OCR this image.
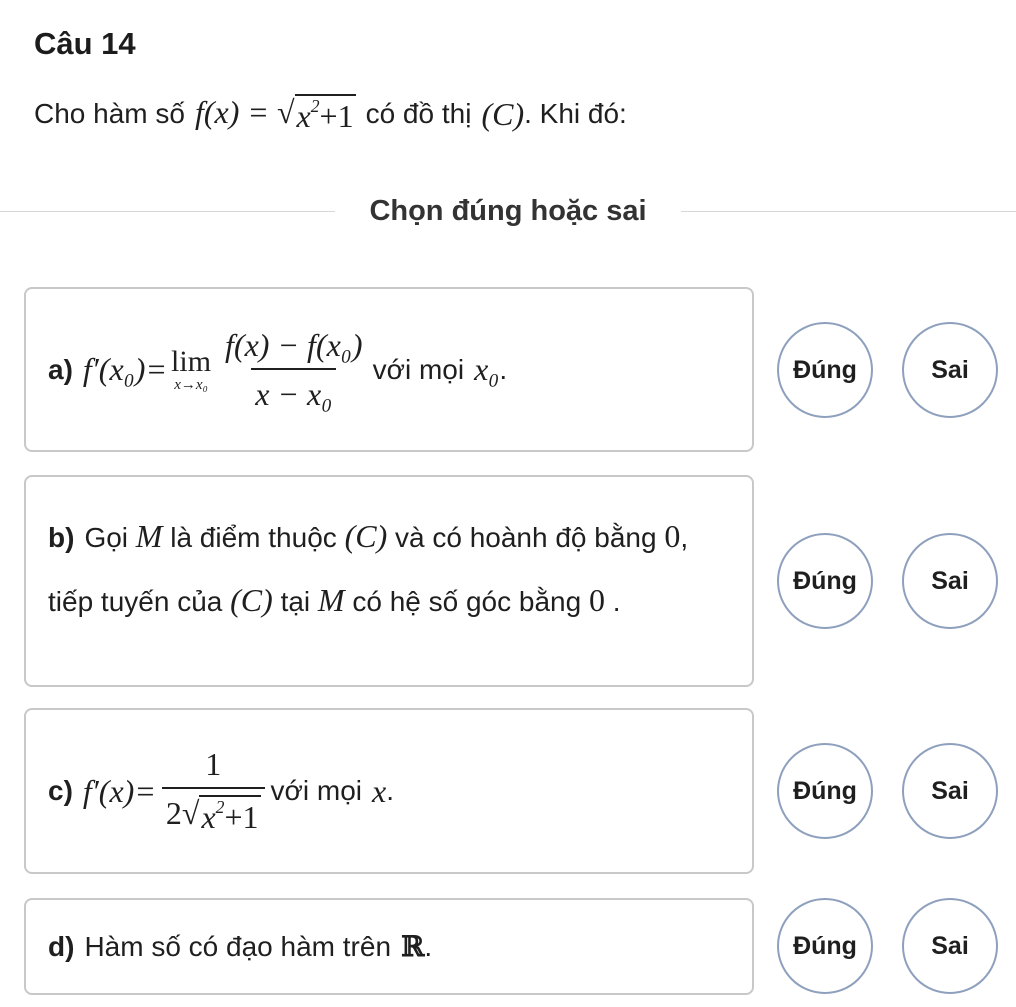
Câu 14
Cho hàm số f(x) = √ $x^2+1$ có đồ thị (C) . Khi đó:
Chọn đúng hoặc sai
a) f′(x₀)= lim
$x\to x_0 \frac{\text{f(x) − f(x₀)}}{\text{x − x₀}}$ với mọi x₀ .	Đúng	Sai
b) Gọi M là điểm thuộc (C) và có hoành độ bằng 0, tiếp tuyến của (C) tại M có hệ số góc bằng 0 .
Đúng	Sai
c) $f'(x)= \frac{1}{2 √ x^2+1}$ với mọi x .	Đúng	Sai
d) Hàm số có đạo hàm trên ℝ .	Đúng	Sai
